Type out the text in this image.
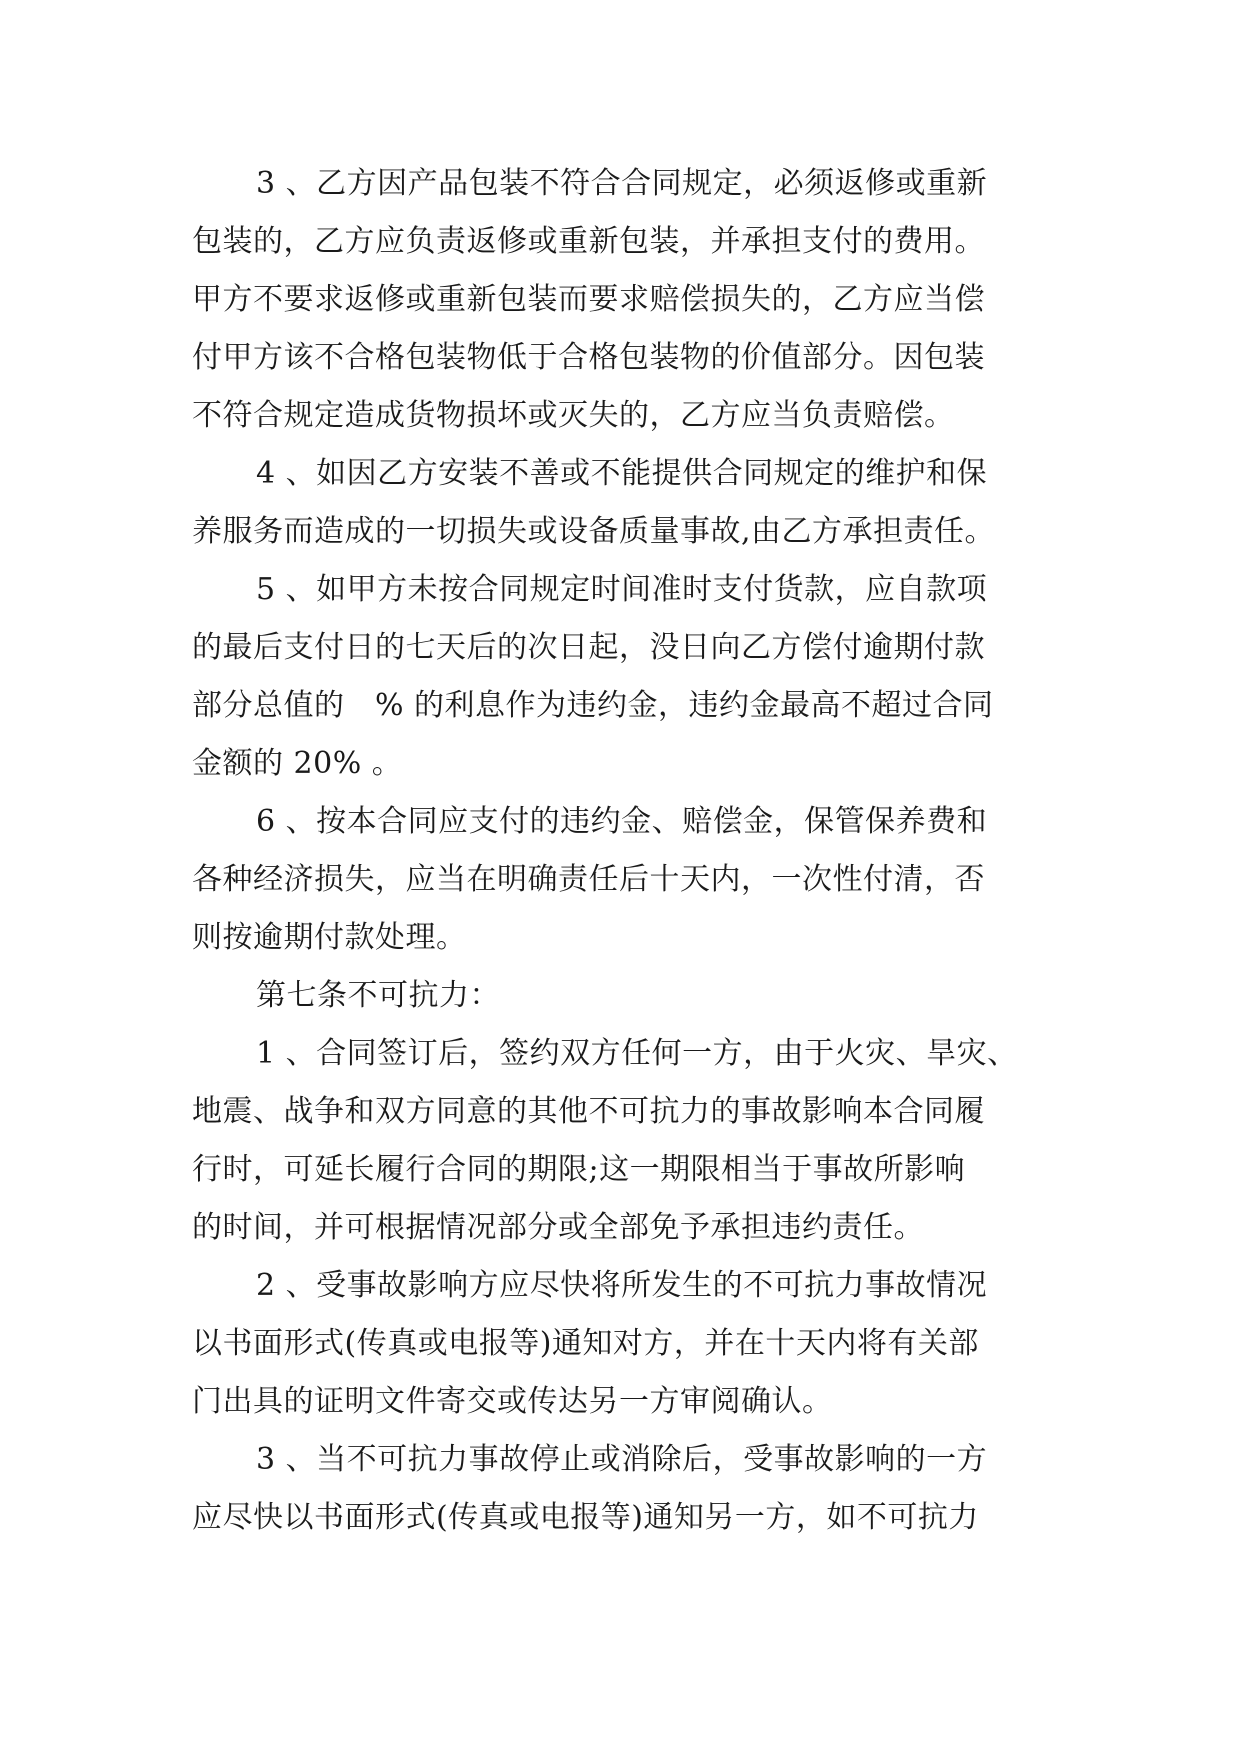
3 、乙方因产品包装不符合合同规定，必须返修或重新
包装的，乙方应负责返修或重新包装，并承担支付的费用。
甲方不要求返修或重新包装而要求赔偿损失的，乙方应当偿
付甲方该不合格包装物低于合格包装物的价值部分。因包装
不符合规定造成货物损坏或灭失的，乙方应当负责赔偿。
4 、如因乙方安装不善或不能提供合同规定的维护和保
养服务而造成的一切损失或设备质量事故,由乙方承担责任。
5 、如甲方未按合同规定时间准时支付货款，应自款项
的最后支付日的七天后的次日起，没日向乙方偿付逾期付款
部分总值的　% 的利息作为违约金，违约金最高不超过合同
金额的 20% 。
6 、按本合同应支付的违约金、赔偿金，保管保养费和
各种经济损失，应当在明确责任后十天内，一次性付清，否
则按逾期付款处理。
第七条不可抗力：
1 、合同签订后，签约双方任何一方，由于火灾、旱灾、
地震、战争和双方同意的其他不可抗力的事故影响本合同履
行时，可延长履行合同的期限;这一期限相当于事故所影响
的时间，并可根据情况部分或全部免予承担违约责任。
2 、受事故影响方应尽快将所发生的不可抗力事故情况
以书面形式(传真或电报等)通知对方，并在十天内将有关部
门出具的证明文件寄交或传达另一方审阅确认。
3 、当不可抗力事故停止或消除后，受事故影响的一方
应尽快以书面形式(传真或电报等)通知另一方，如不可抗力
